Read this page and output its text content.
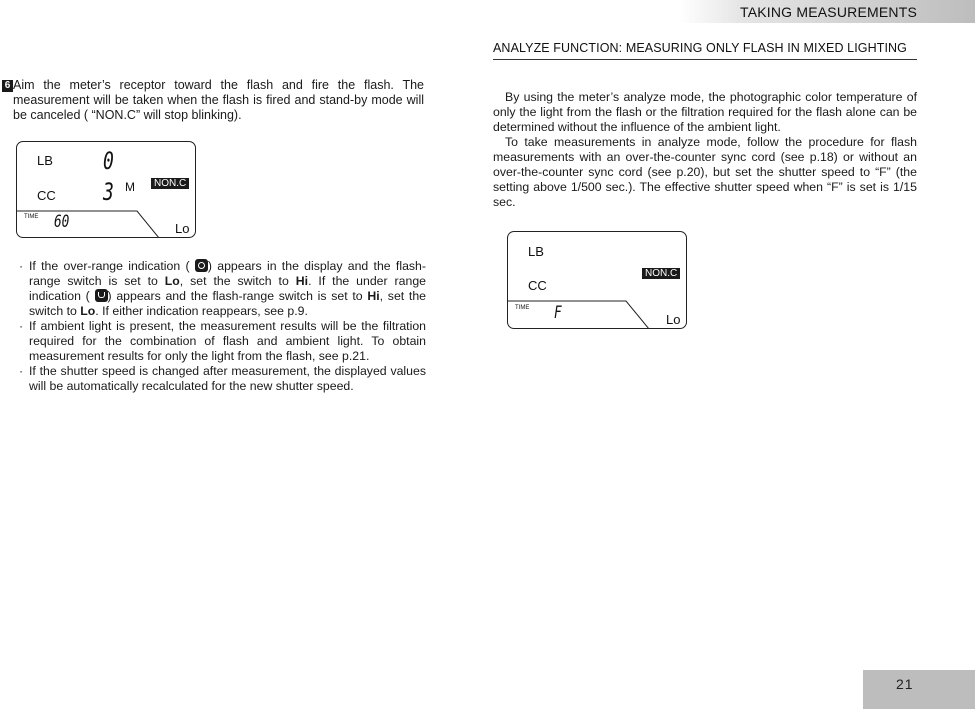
TAKING MEASUREMENTS
6 Aim the meter’s receptor toward the flash and fire the flash. The measurement will be taken when the flash is fired and stand-by mode will be canceled ( “NON.C” will stop blinking).
LB 0
CC 3 M	NON.C
TIME 60	Lo
· If the over-range indication ( ) appears in the display and the flash-range switch is set to Lo, set the switch to Hi. If the under range indication ( ) appears and the flash-range switch is set to Hi, set the switch to Lo. If either indication reappears, see p.9.
· If ambient light is present, the measurement results will be the filtration required for the combination of flash and ambient light. To obtain measurement results for only the light from the flash, see p.21.
· If the shutter speed is changed after measurement, the displayed values will be automatically recalculated for the new shutter speed.
ANALYZE FUNCTION: MEASURING ONLY FLASH IN MIXED LIGHTING

By using the meter’s analyze mode, the photographic color temperature of only the light from the flash or the filtration required for the flash alone can be determined without the influence of the ambient light.

To take measurements in analyze mode, follow the procedure for flash measurements with an over-the-counter sync cord (see p.18) or without an over-the-counter sync cord (see p.20), but set the shutter speed to “F” (the setting above 1/500 sec.). The effective shutter speed when “F” is set is 1/15 sec.

LB
CC
NON.C
TIME F	Lo
21
